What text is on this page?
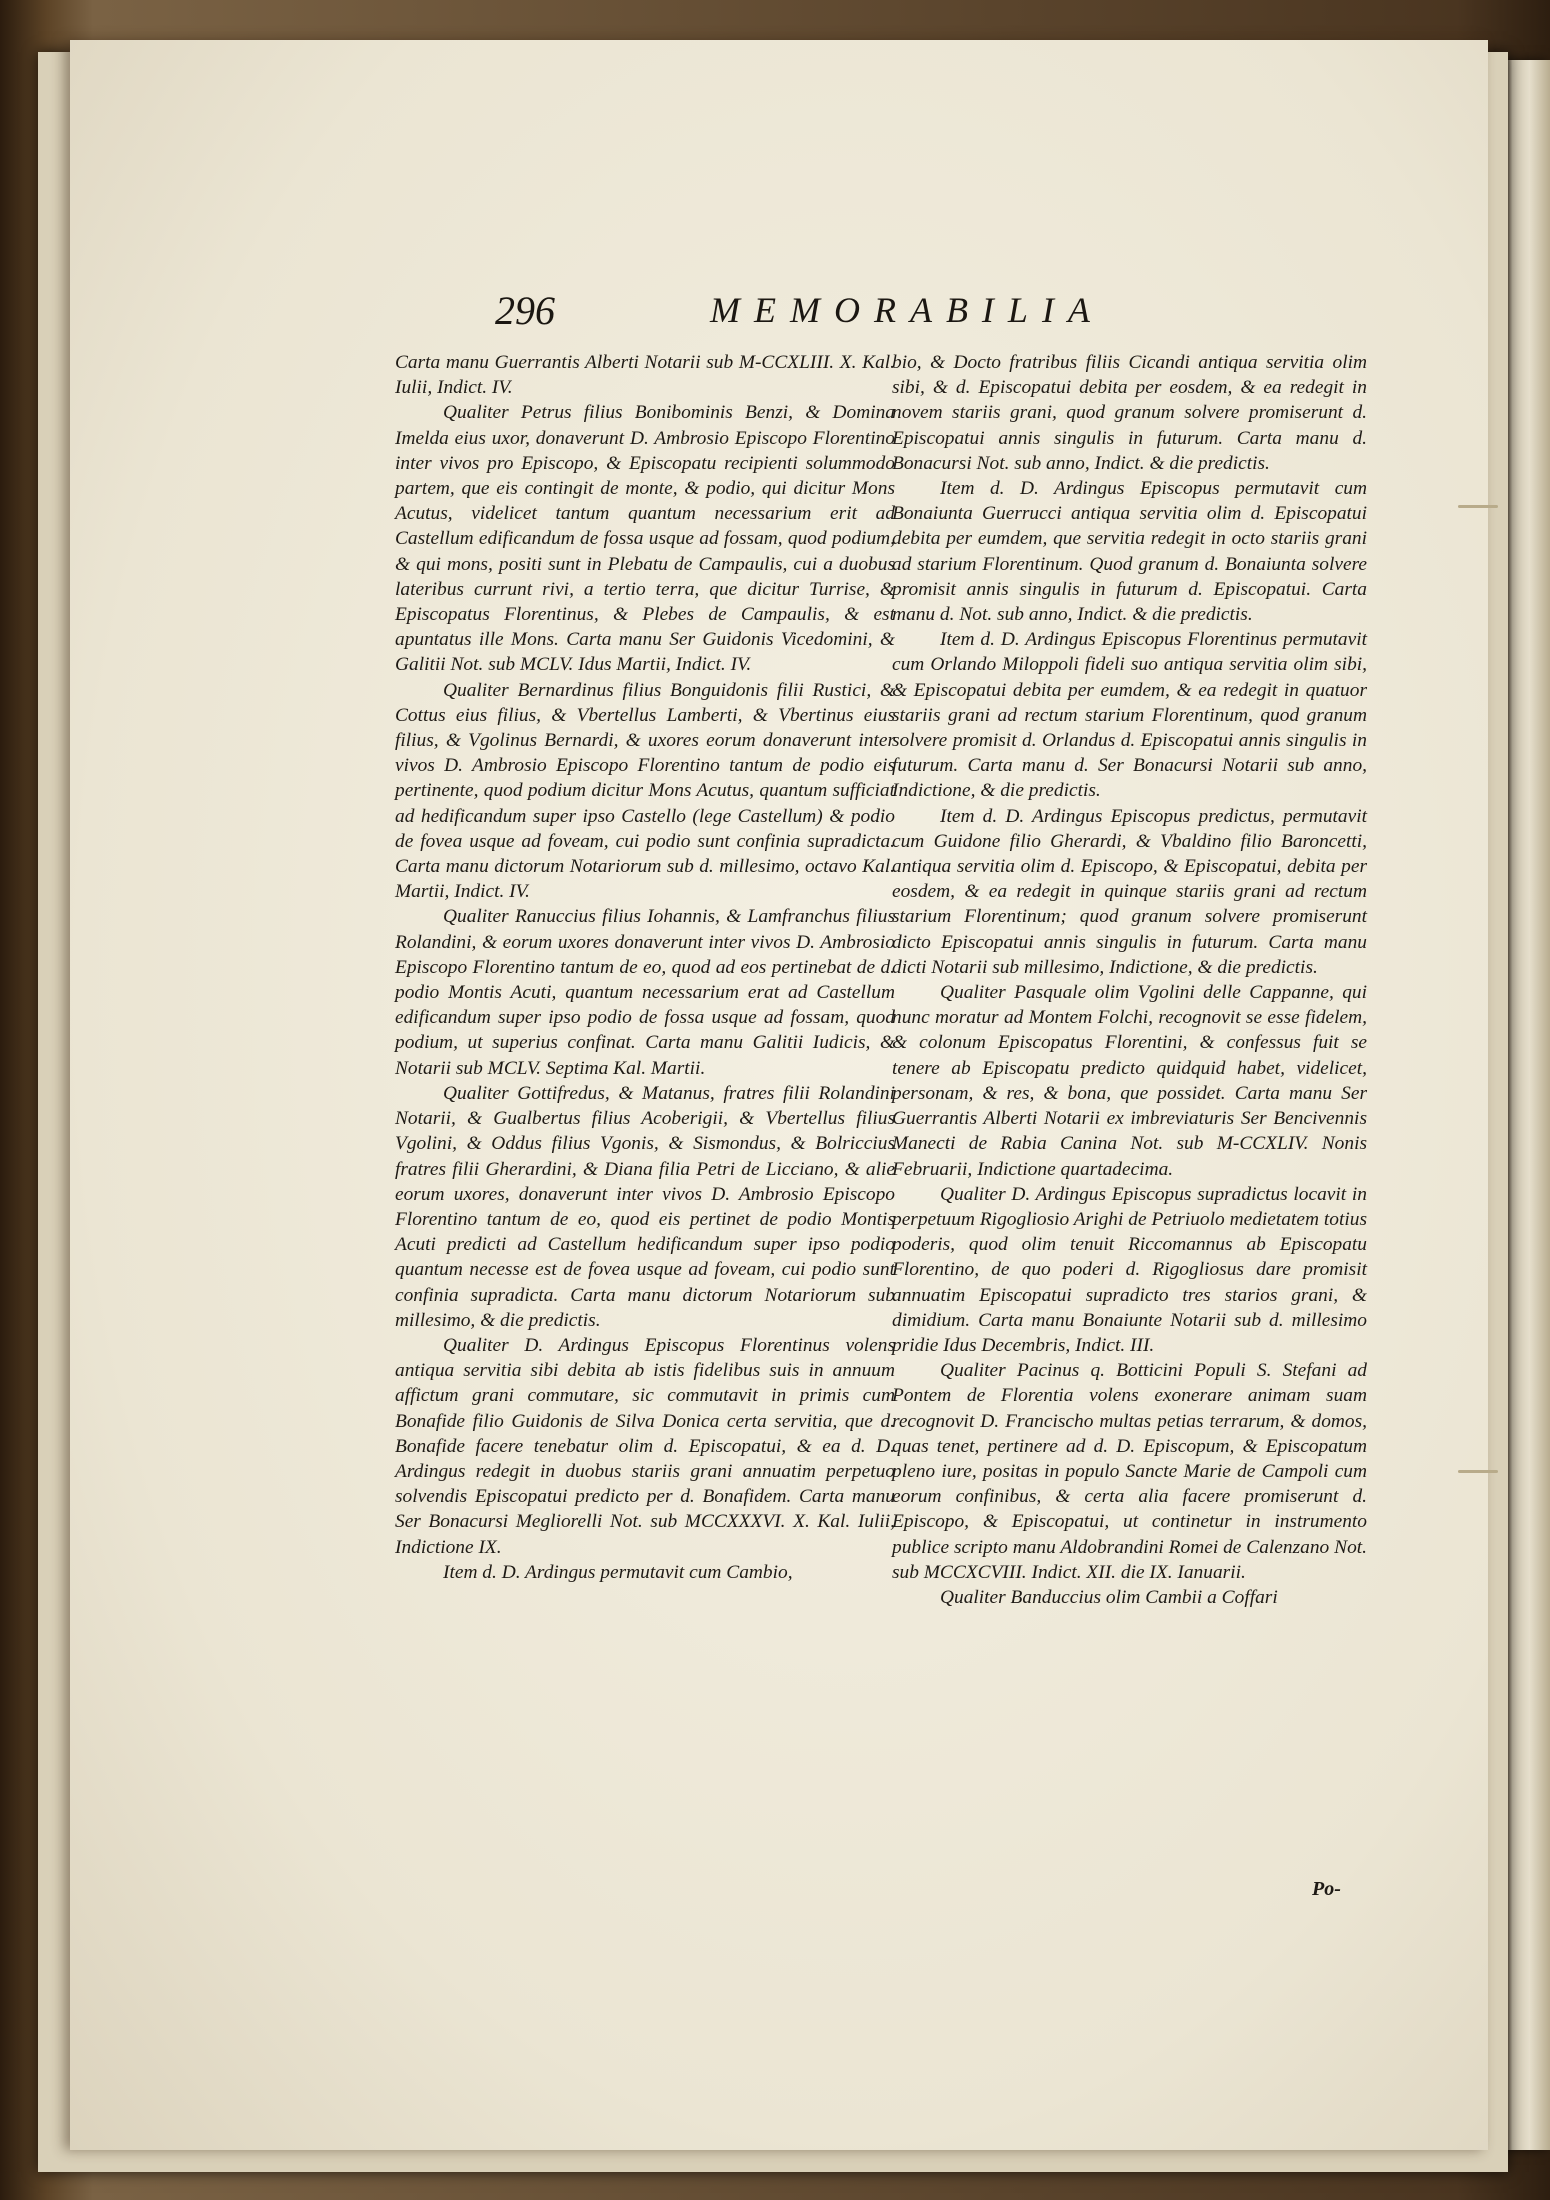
296	MEMORABILIA

Carta manu Guerrantis Alberti Notarii sub M-CCXLIII. X. Kal. Iulii, Indict. IV.

Qualiter Petrus filius Bonibominis Benzi, & Domina Imelda eius uxor, donaverunt D. Ambrosio Episcopo Florentino inter vivos pro Episcopo, & Episcopatu recipienti solummodo partem, que eis contingit de monte, & podio, qui dicitur Mons Acutus, videlicet tantum quantum necessarium erit ad Castellum edificandum de fossa usque ad fossam, quod podium, & qui mons, positi sunt in Plebatu de Campaulis, cui a duobus lateribus currunt rivi, a tertio terra, que dicitur Turrise, & Episcopatus Florentinus, & Plebes de Campaulis, & est apuntatus ille Mons. Carta manu Ser Guidonis Vicedomini, & Galitii Not. sub MCLV. Idus Martii, Indict. IV.

Qualiter Bernardinus filius Bonguidonis filii Rustici, & Cottus eius filius, & Vbertellus Lamberti, & Vbertinus eius filius, & Vgolinus Bernardi, & uxores eorum donaverunt inter vivos D. Ambrosio Episcopo Florentino tantum de podio eis pertinente, quod podium dicitur Mons Acutus, quantum sufficiat ad hedificandum super ipso Castello (lege Castellum) & podio de fovea usque ad foveam, cui podio sunt confinia supradicta. Carta manu dictorum Notariorum sub d. millesimo, octavo Kal. Martii, Indict. IV.

Qualiter Ranuccius filius Iohannis, & Lamfranchus filius Rolandini, & eorum uxores donaverunt inter vivos D. Ambrosio Episcopo Florentino tantum de eo, quod ad eos pertinebat de d. podio Montis Acuti, quantum necessarium erat ad Castellum edificandum super ipso podio de fossa usque ad fossam, quod podium, ut superius confinat. Carta manu Galitii Iudicis, & Notarii sub MCLV. Septima Kal. Martii.

Qualiter Gottifredus, & Matanus, fratres filii Rolandini Notarii, & Gualbertus filius Acoberigii, & Vbertellus filius Vgolini, & Oddus filius Vgonis, & Sismondus, & Bolriccius fratres filii Gherardini, & Diana filia Petri de Licciano, & alie eorum uxores, donaverunt inter vivos D. Ambrosio Episcopo Florentino tantum de eo, quod eis pertinet de podio Montis Acuti predicti ad Castellum hedificandum super ipso podio quantum necesse est de fovea usque ad foveam, cui podio sunt confinia supradicta. Carta manu dictorum Notariorum sub millesimo, & die predictis.

Qualiter D. Ardingus Episcopus Florentinus volens antiqua servitia sibi debita ab istis fidelibus suis in annuum affictum grani commutare, sic commutavit in primis cum Bonafide filio Guidonis de Silva Donica certa servitia, que d. Bonafide facere tenebatur olim d. Episcopatui, & ea d. D. Ardingus redegit in duobus stariis grani annuatim perpetuo solvendis Episcopatui predicto per d. Bonafidem. Carta manu Ser Bonacursi Megliorelli Not. sub MCCXXXVI. X. Kal. Iulii, Indictione IX.

Item d. D. Ardingus permutavit cum Cambio,

bio, & Docto fratribus filiis Cicandi antiqua servitia olim sibi, & d. Episcopatui debita per eosdem, & ea redegit in novem stariis grani, quod granum solvere promiserunt d. Episcopatui annis singulis in futurum. Carta manu d. Bonacursi Not. sub anno, Indict. & die predictis.

Item d. D. Ardingus Episcopus permutavit cum Bonaiunta Guerrucci antiqua servitia olim d. Episcopatui debita per eumdem, que servitia redegit in octo stariis grani ad starium Florentinum. Quod granum d. Bonaiunta solvere promisit annis singulis in futurum d. Episcopatui. Carta manu d. Not. sub anno, Indict. & die predictis.

Item d. D. Ardingus Episcopus Florentinus permutavit cum Orlando Miloppoli fideli suo antiqua servitia olim sibi, & Episcopatui debita per eumdem, & ea redegit in quatuor stariis grani ad rectum starium Florentinum, quod granum solvere promisit d. Orlandus d. Episcopatui annis singulis in futurum. Carta manu d. Ser Bonacursi Notarii sub anno, Indictione, & die predictis.

Item d. D. Ardingus Episcopus predictus, permutavit cum Guidone filio Gherardi, & Vbaldino filio Baroncetti, antiqua servitia olim d. Episcopo, & Episcopatui, debita per eosdem, & ea redegit in quinque stariis grani ad rectum starium Florentinum; quod granum solvere promiserunt dicto Episcopatui annis singulis in futurum. Carta manu dicti Notarii sub millesimo, Indictione, & die predictis.

Qualiter Pasquale olim Vgolini delle Cappanne, qui nunc moratur ad Montem Folchi, recognovit se esse fidelem, & colonum Episcopatus Florentini, & confessus fuit se tenere ab Episcopatu predicto quidquid habet, videlicet, personam, & res, & bona, que possidet. Carta manu Ser Guerrantis Alberti Notarii ex imbreviaturis Ser Bencivennis Manecti de Rabia Canina Not. sub M-CCXLIV. Nonis Februarii, Indictione quartadecima.

Qualiter D. Ardingus Episcopus supradictus locavit in perpetuum Rigogliosio Arighi de Petriuolo medietatem totius poderis, quod olim tenuit Riccomannus ab Episcopatu Florentino, de quo poderi d. Rigogliosus dare promisit annuatim Episcopatui supradicto tres starios grani, & dimidium. Carta manu Bonaiunte Notarii sub d. millesimo pridie Idus Decembris, Indict. III.

Qualiter Pacinus q. Botticini Populi S. Stefani ad Pontem de Florentia volens exonerare animam suam recognovit D. Francischo multas petias terrarum, & domos, quas tenet, pertinere ad d. D. Episcopum, & Episcopatum pleno iure, positas in populo Sancte Marie de Campoli cum eorum confinibus, & certa alia facere promiserunt d. Episcopo, & Episcopatui, ut continetur in instrumento publice scripto manu Aldobrandini Romei de Calenzano Not. sub MCCXCVIII. Indict. XII. die IX. Ianuarii.

Qualiter Banduccius olim Cambii a Coffari

Po-
